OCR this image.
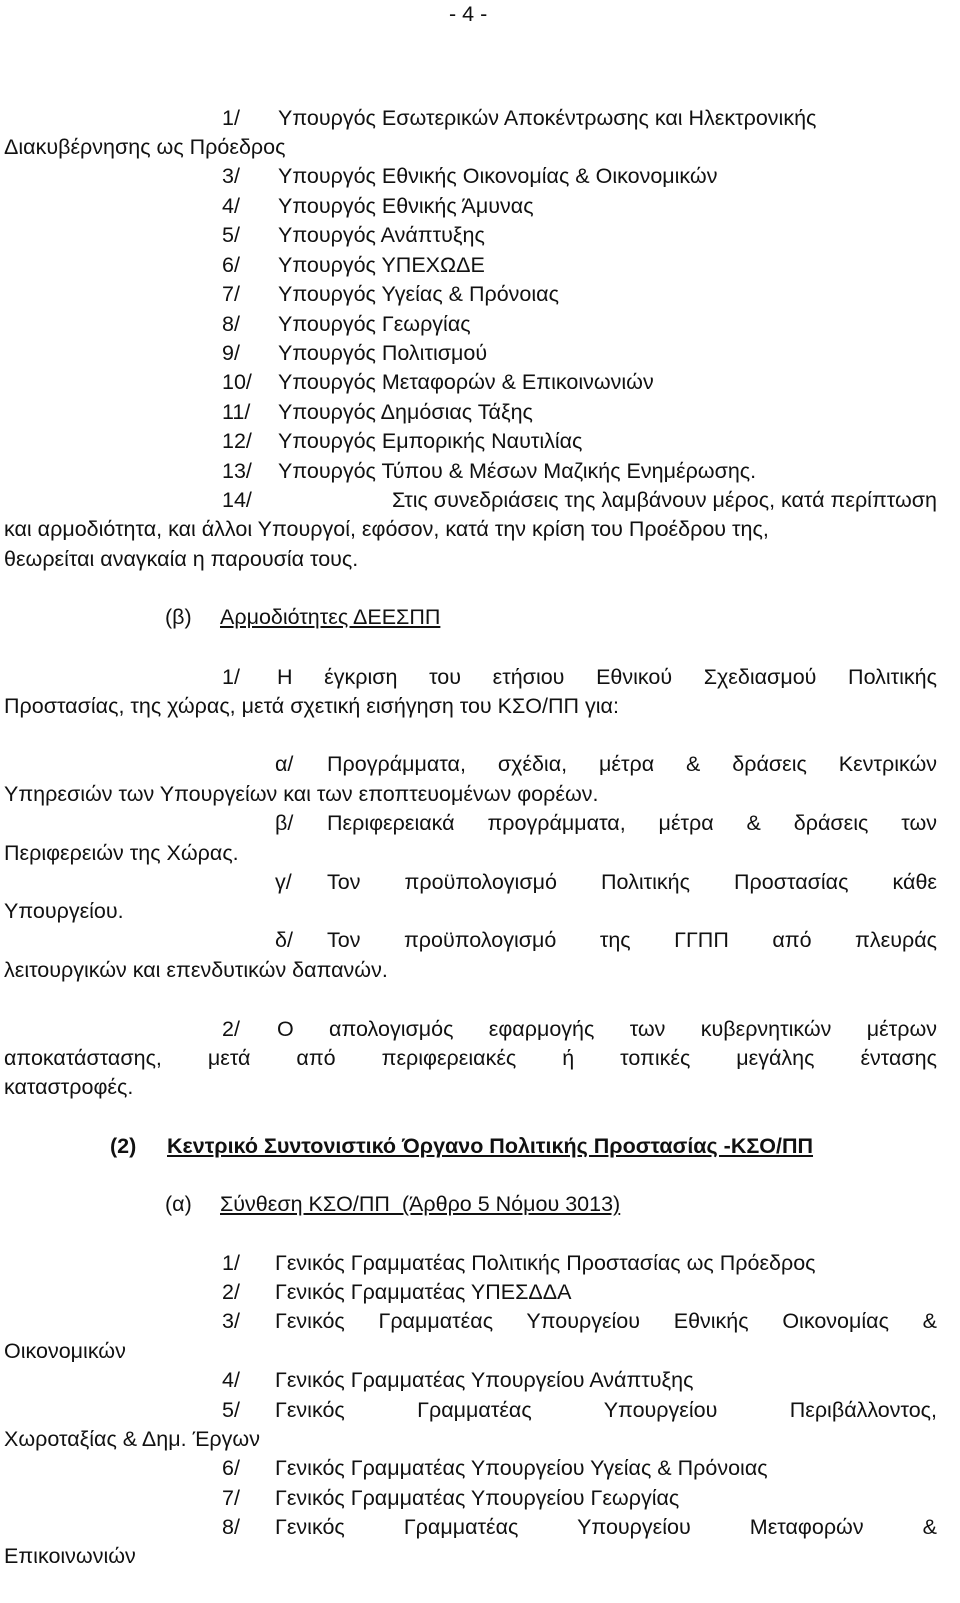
- 4 -
1/ Υπουργός Εσωτερικών Αποκέντρωσης και Ηλεκτρονικής
Διακυβέρνησης ως Πρόεδρος
3/ Υπουργός Εθνικής Οικονομίας & Οικονομικών
4/ Υπουργός Εθνικής Άμυνας
5/ Υπουργός Ανάπτυξης
6/ Υπουργός ΥΠΕΧΩΔΕ
7/ Υπουργός Υγείας & Πρόνοιας
8/ Υπουργός Γεωργίας
9/ Υπουργός Πολιτισμού
10/ Υπουργός Μεταφορών & Επικοινωνιών
11/ Υπουργός Δημόσιας Τάξης
12/ Υπουργός Εμπορικής Ναυτιλίας
13/ Υπουργός Τύπου & Μέσων Μαζικής Ενημέρωσης.
14/	Στις συνεδριάσεις της λαμβάνουν μέρος, κατά περίπτωση
και αρμοδιότητα, και άλλοι Υπουργοί, εφόσον, κατά την κρίση του Προέδρου της,
θεωρείται αναγκαία η παρουσία τους.
(β) Αρμοδιότητες ΔΕΕΣΠΠ
1/	Η έγκριση του ετήσιου Εθνικού Σχεδιασμού Πολιτικής
Προστασίας, της χώρας, μετά σχετική εισήγηση του ΚΣΟ/ΠΠ για:
α/	Προγράμματα, σχέδια, μέτρα & δράσεις Κεντρικών
Υπηρεσιών των Υπουργείων και των εποπτευομένων φορέων.
β/	Περιφερειακά προγράμματα, μέτρα & δράσεις των
Περιφερειών της Χώρας.
γ/	Τον προϋπολογισμό Πολιτικής Προστασίας κάθε
Υπουργείου.
δ/	Τον προϋπολογισμό της ΓΓΠΠ από πλευράς
λειτουργικών και επενδυτικών δαπανών.
2/	Ο απολογισμός εφαρμογής των κυβερνητικών μέτρων
αποκατάστασης, μετά από περιφερειακές ή τοπικές μεγάλης έντασης
καταστροφές.
(2) Κεντρικό Συντονιστικό Όργανο Πολιτικής Προστασίας -ΚΣΟ/ΠΠ
(α) Σύνθεση ΚΣΟ/ΠΠ  (Άρθρο 5 Νόμου 3013)
1/ Γενικός Γραμματέας Πολιτικής Προστασίας ως Πρόεδρος
2/ Γενικός Γραμματέας ΥΠΕΣΔΔΑ
3/	Γενικός Γραμματέας Υπουργείου Εθνικής Οικονομίας &
Οικονομικών
4/ Γενικός Γραμματέας Υπουργείου Ανάπτυξης
5/	Γενικός Γραμματέας Υπουργείου Περιβάλλοντος,
Χωροταξίας & Δημ. Έργων
6/ Γενικός Γραμματέας Υπουργείου Υγείας & Πρόνοιας
7/ Γενικός Γραμματέας Υπουργείου Γεωργίας
8/	Γενικός Γραμματέας Υπουργείου Μεταφορών &
Επικοινωνιών
